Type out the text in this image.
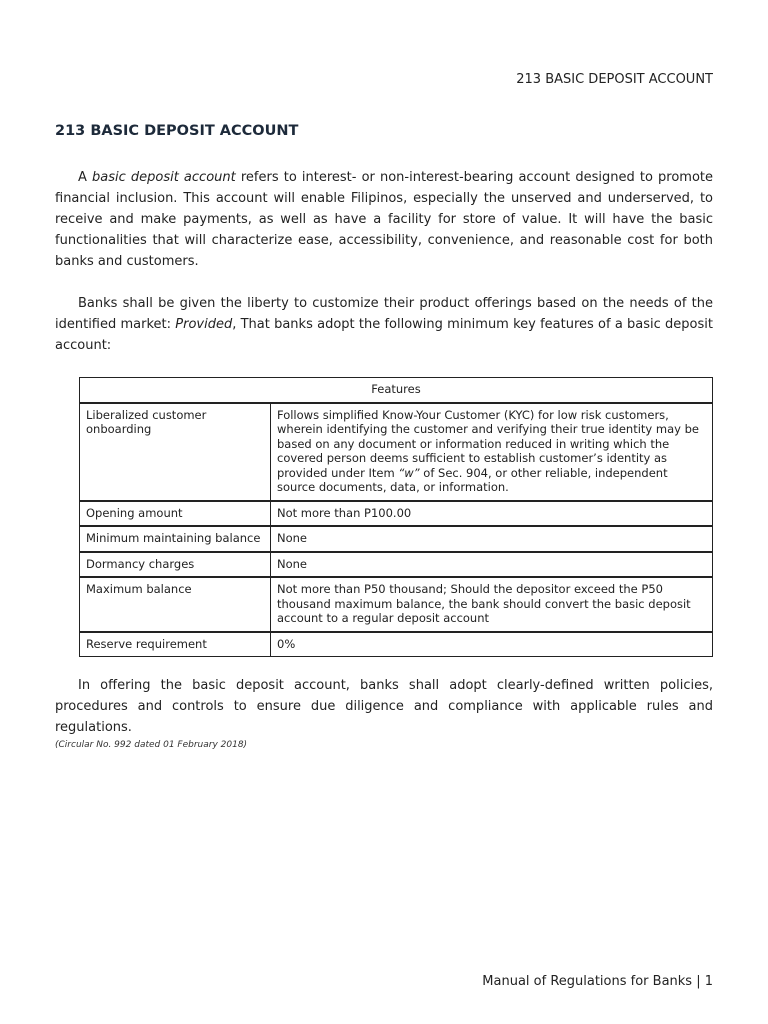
213 BASIC DEPOSIT ACCOUNT

213 BASIC DEPOSIT ACCOUNT

A basic deposit account refers to interest- or non-interest-bearing account designed to promote financial inclusion. This account will enable Filipinos, especially the unserved and underserved, to receive and make payments, as well as have a facility for store of value. It will have the basic functionalities that will characterize ease, accessibility, convenience, and reasonable cost for both banks and customers.

Banks shall be given the liberty to customize their product offerings based on the needs of the identified market: Provided, That banks adopt the following minimum key features of a basic deposit account:

Features	
Liberalized customer onboarding	Follows simplified Know-Your Customer (KYC) for low risk customers, wherein identifying the customer and verifying their true identity may be based on any document or information reduced in writing which the covered person deems sufficient to establish customer’s identity as provided under Item “w” of Sec. 904, or other reliable, independent source documents, data, or information.
Opening amount	Not more than P100.00
Minimum maintaining balance	None
Dormancy charges	None
Maximum balance	Not more than P50 thousand; Should the depositor exceed the P50 thousand maximum balance, the bank should convert the basic deposit account to a regular deposit account
Reserve requirement	0%

In offering the basic deposit account, banks shall adopt clearly-defined written policies, procedures and controls to ensure due diligence and compliance with applicable rules and regulations.

(Circular No. 992 dated 01 February 2018)

Manual of Regulations for Banks | 1
